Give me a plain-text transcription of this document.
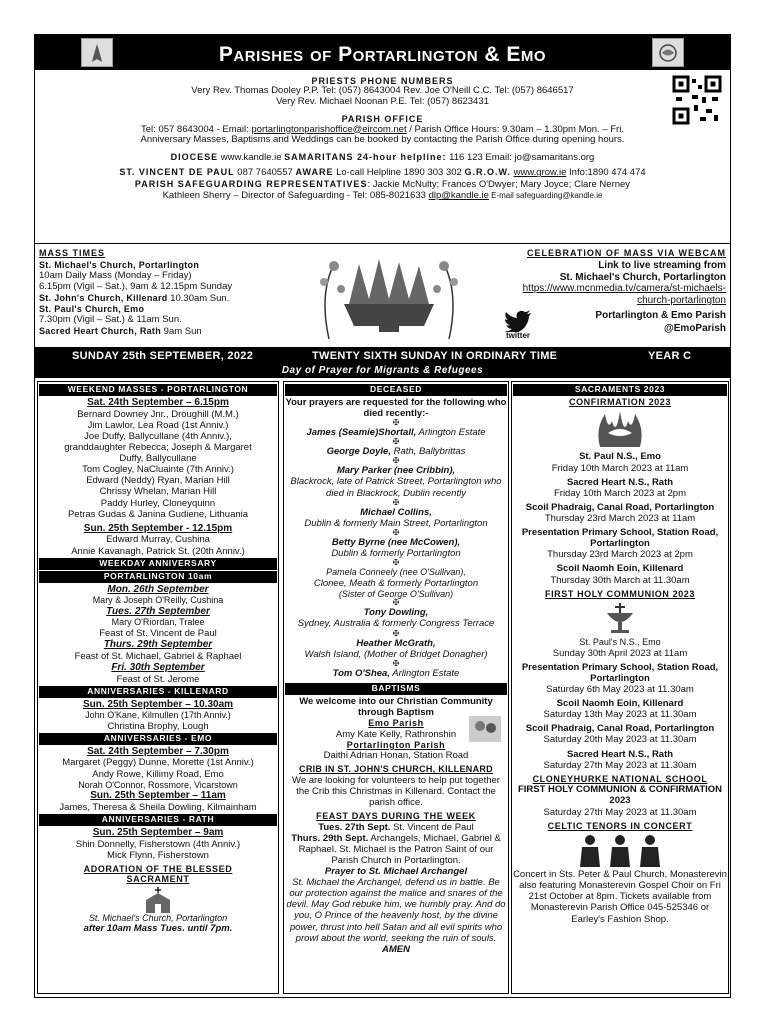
Parishes of Portarlington & Emo
PRIESTS PHONE NUMBERS
Very Rev. Thomas Dooley P.P. Tel: (057) 8643004 Rev. Joe O'Neill C.C. Tel: (057) 8646517
Very Rev. Michael Noonan P.E. Tel: (057) 8623431
PARISH OFFICE
Tel: 057 8643004 - Email: portarlingtonparishoffice@eircom.net / Parish Office Hours: 9.30am – 1.30pm Mon. – Fri.
Anniversary Masses, Baptisms and Weddings can be booked by contacting the Parish Office during opening hours.
DIOCESE www.kandle.ie SAMARITANS 24-hour helpline: 116 123 Email: jo@samaritans.org
ST. VINCENT DE PAUL 087 7640557 AWARE Lo-call Helpline 1890 303 302 G.R.O.W. www.grow.ie Info:1890 474 474
PARISH SAFEGUARDING REPRESENTATIVES: Jackie McNulty; Frances O'Dwyer; Mary Joyce; Clare Nerney
Kathleen Sherry – Director of Safeguarding - Tel: 085-8021633 dlp@kandle.ie E-mail safeguarding@kandle.ie
MASS TIMES
St. Michael's Church, Portarlington
10am Daily Mass (Monday – Friday)
6.15pm (Vigil – Sat.), 9am & 12.15pm Sunday
St. John's Church, Killenard 10.30am Sun.
St. Paul's Church, Emo
7.30pm (Vigil – Sat.) & 11am Sun.
Sacred Heart Church, Rath 9am Sun
CELEBRATION OF MASS VIA WEBCAM
Link to live streaming from
St. Michael's Church, Portarlington
https://www.mcnmedia.tv/camera/st-michaels-
church-portarlington
twitter
Portarlington & Emo Parish
@EmoParish
SUNDAY 25th SEPTEMBER, 2022	TWENTY SIXTH SUNDAY IN ORDINARY TIME	YEAR C
Day of Prayer for Migrants & Refugees
WEEKEND MASSES - PORTARLINGTON
Sat. 24th September – 6.15pm
Bernard Downey Jnr., Droughill (M.M.)
Jim Lawlor, Lea Road (1st Anniv.)
Joe Duffy, Ballycullane (4th Anniv.),
granddaughter Rebecca; Joseph & Margaret
Duffy, Ballycullane
Tom Cogley, NaCluainte (7th Anniv.)
Edward (Neddy) Ryan, Marian Hill
Chrissy Whelan, Marian Hill
Paddy Hurley, Cloneyquinn
Petras Gudas & Janina Gudiene, Lithuania
Sun. 25th September - 12.15pm
Edward Murray, Cushina
Annie Kavanagh, Patrick St. (20th Anniv.)
WEEKDAY ANNIVERSARY
PORTARLINGTON 10am
Mon. 26th September
Mary & Joseph O'Reilly, Cushina
Tues. 27th September
Mary O'Riordan, Tralee
Feast of St. Vincent de Paul
Thurs. 29th September
Feast of St. Michael, Gabriel & Raphael
Fri. 30th September
Feast of St. Jerome
ANNIVERSARIES - KILLENARD
Sun. 25th September – 10.30am
John O'Kane, Kilmullen (17th Anniv.)
Christina Brophy, Lough
ANNIVERSARIES - EMO
Sat. 24th September – 7.30pm
Margaret (Peggy) Dunne, Morette (1st Anniv.)
Andy Rowe, Killimy Road, Emo
Norah O'Connor, Rossmore, Vicarstown
Sun. 25th September – 11am
James, Theresa & Sheila Dowling, Kilmainham
ANNIVERSARIES - RATH
Sun. 25th September – 9am
Shin Donnelly, Fisherstown (4th Anniv.)
Mick Flynn, Fisherstown
ADORATION OF THE BLESSED
SACRAMENT
St. Michael's Church, Portarlington
after 10am Mass Tues. until 7pm.
DECEASED
Your prayers are requested for the following who died recently:-
✠
James (Seamie)Shortall, Arlington Estate
✠
George Doyle, Rath, Ballybrittas
✠
Mary Parker (nee Cribbin),
Blackrock, late of Patrick Street, Portarlington who died in Blackrock, Dublin recently
✠
Michael Collins,
Dublin & formerly Main Street, Portarlington
✠
Betty Byrne (nee McCowen),
Dublin & formerly Portarlington
✠
Pamela Conneely (nee O'Sullivan),
Clonee, Meath & formerly Portarlington
(Sister of George O'Sullivan)
✠
Tony Dowling,
Sydney, Australia & formerly Congress Terrace
✠
Heather McGrath,
Walsh Island, (Mother of Bridget Donagher)
✠
Tom O'Shea, Arlington Estate
BAPTISMS
We welcome into our Christian Community through Baptism
Emo Parish
Amy Kate Kelly, Rathronshin
Portarlington Parish
Daithi Adrian Honan, Station Road
CRIB IN ST. JOHN'S CHURCH, KILLENARD
We are looking for volunteers to help put together the Crib this Christmas in Killenard. Contact the parish office.
FEAST DAYS DURING THE WEEK
Tues. 27th Sept. St. Vincent de Paul
Thurs. 29th Sept. Archangels, Michael, Gabriel & Raphael. St. Michael is the Patron Saint of our Parish Church in Portarlington.
Prayer to St. Michael Archangel
St. Michael the Archangel, defend us in battle. Be our protection against the malice and snares of the devil. May God rebuke him, we humbly pray. And do you, O Prince of the heavenly host, by the divine power, thrust into hell Satan and all evil spirits who prowl about the world, seeking the ruin of souls. AMEN
SACRAMENTS 2023
CONFIRMATION 2023
St. Paul N.S., Emo
Friday 10th March 2023 at 11am
Sacred Heart N.S., Rath
Friday 10th March 2023 at 2pm
Scoil Phadraig, Canal Road, Portarlington
Thursday 23rd March 2023 at 11am
Presentation Primary School, Station Road, Portarlington
Thursday 23rd March 2023 at 2pm
Scoil Naomh Eoin, Killenard
Thursday 30th March at 11.30am
FIRST HOLY COMMUNION 2023
St. Paul's N.S., Emo
Sunday 30th April 2023 at 11am
Presentation Primary School, Station Road, Portarlington
Saturday 6th May 2023 at 11.30am
Scoil Naomh Eoin, Killenard
Saturday 13th May 2023 at 11.30am
Scoil Phadraig, Canal Road, Portarlington
Saturday 20th May 2023 at 11.30am
Sacred Heart N.S., Rath
Saturday 27th May 2023 at 11.30am
CLONEYHURKE NATIONAL SCHOOL
FIRST HOLY COMMUNION & CONFIRMATION 2023
Saturday 27th May 2023 at 11.30am
CELTIC TENORS IN CONCERT
Concert in Sts. Peter & Paul Church, Monasterevin also featuring Monasterevin Gospel Choir on Fri 21st October at 8pm. Tickets available from Monasterevin Parish Office 045-525346 or Earley's Fashion Shop.
